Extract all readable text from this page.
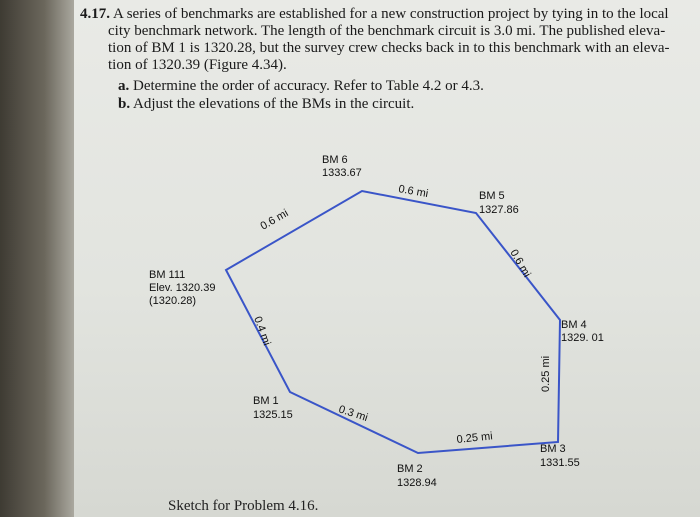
4.17. A series of benchmarks are established for a new construction project by tying in to the local
city benchmark network. The length of the benchmark circuit is 3.0 mi. The published eleva-
tion of BM 1 is 1320.28, but the survey crew checks back in to this benchmark with an eleva-
tion of 1320.39 (Figure 4.34).
a. Determine the order of accuracy. Refer to Table 4.2 or 4.3.
b. Adjust the elevations of the BMs in the circuit.
BM 6
1333.67
BM 5
1327.86
BM 111
Elev. 1320.39
(1320.28)
BM 4
1329. 01
BM 1
1325.15
BM 3
1331.55
BM 2
1328.94
0.6 mi
0.6 mi
0.6 mi
0.25 mi
0.25 mi
0.3 mi
0.4 mi
Sketch for Problem 4.16.
